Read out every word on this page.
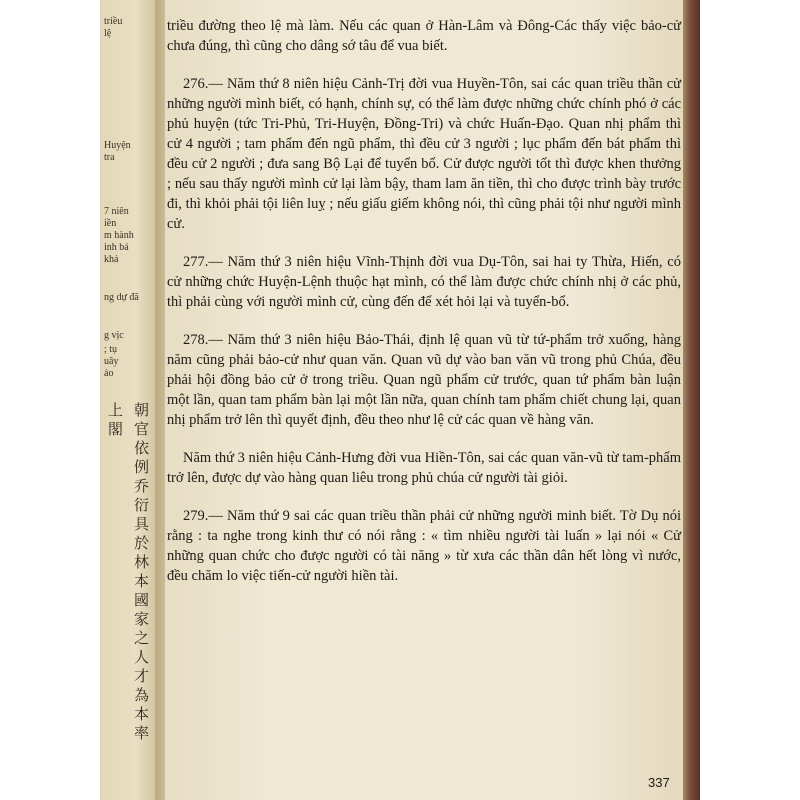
triều
lệ
Huyện
tra
7 niên
iền
m hành
inh bả
khả
ng dự đã
g vịc
; tụ
uây
ảo
上閣 朝官依例乔衍具於林本國家之人才為本率

triều đường theo lệ mà làm. Nếu các quan ở Hàn-Lâm và Đông-Các thấy việc bảo-cử chưa đúng, thì cũng cho dâng sớ tâu để vua biết.

276.— Năm thứ 8 niên hiệu Cảnh-Trị đời vua Huyền-Tôn, sai các quan triều thần cử những người mình biết, có hạnh, chính sự, có thể làm được những chức chính phó ở các phủ huyện (tức Tri-Phủ, Tri-Huyện, Đồng-Tri) và chức Huấn-Đạo. Quan nhị phẩm thì cử 4 người ; tam phẩm đến ngũ phẩm, thì đều cử 3 người ; lục phẩm đến bát phẩm thì đều cử 2 người ; đưa sang Bộ Lại để tuyển bổ. Cử được người tốt thì được khen thưởng ; nếu sau thấy người mình cử lại làm bậy, tham lam ăn tiền, thì cho được trình bày trước đi, thì khỏi phải tội liên luỵ ; nếu giấu giếm không nói, thì cũng phải tội như người mình cử.

277.— Năm thứ 3 niên hiệu Vĩnh-Thịnh đời vua Dụ-Tôn, sai hai ty Thừa, Hiến, có cử những chức Huyện-Lệnh thuộc hạt mình, có thể làm được chức chính nhị ở các phủ, thì phải cùng với người mình cử, cùng đến để xét hỏi lại và tuyển-bổ.

278.— Năm thứ 3 niên hiệu Bảo-Thái, định lệ quan vũ từ tứ-phẩm trở xuống, hàng năm cũng phải bảo-cử như quan văn. Quan vũ dự vào ban văn vũ trong phủ Chúa, đều phải hội đồng bảo cử ở trong triều. Quan ngũ phẩm cử trước, quan tứ phẩm bàn luận một lần, quan tam phẩm bàn lại một lần nữa, quan chính tam phẩm chiết chung lại, quan nhị phẩm trở lên thì quyết định, đều theo như lệ cử các quan về hàng văn.

Năm thứ 3 niên hiệu Cảnh-Hưng đời vua Hiền-Tôn, sai các quan văn-vũ từ tam-phẩm trở lên, được dự vào hàng quan liêu trong phủ chúa cử người tài giỏi.

279.— Năm thứ 9 sai các quan triều thần phải cử những người minh biết. Tờ Dụ nói rằng : ta nghe trong kinh thư có nói rằng : « tìm nhiều người tài luấn » lại nói « Cử những quan chức cho được người có tài năng » từ xưa các thần dân hết lòng vì nước, đều chăm lo việc tiến-cử người hiền tài.

337
